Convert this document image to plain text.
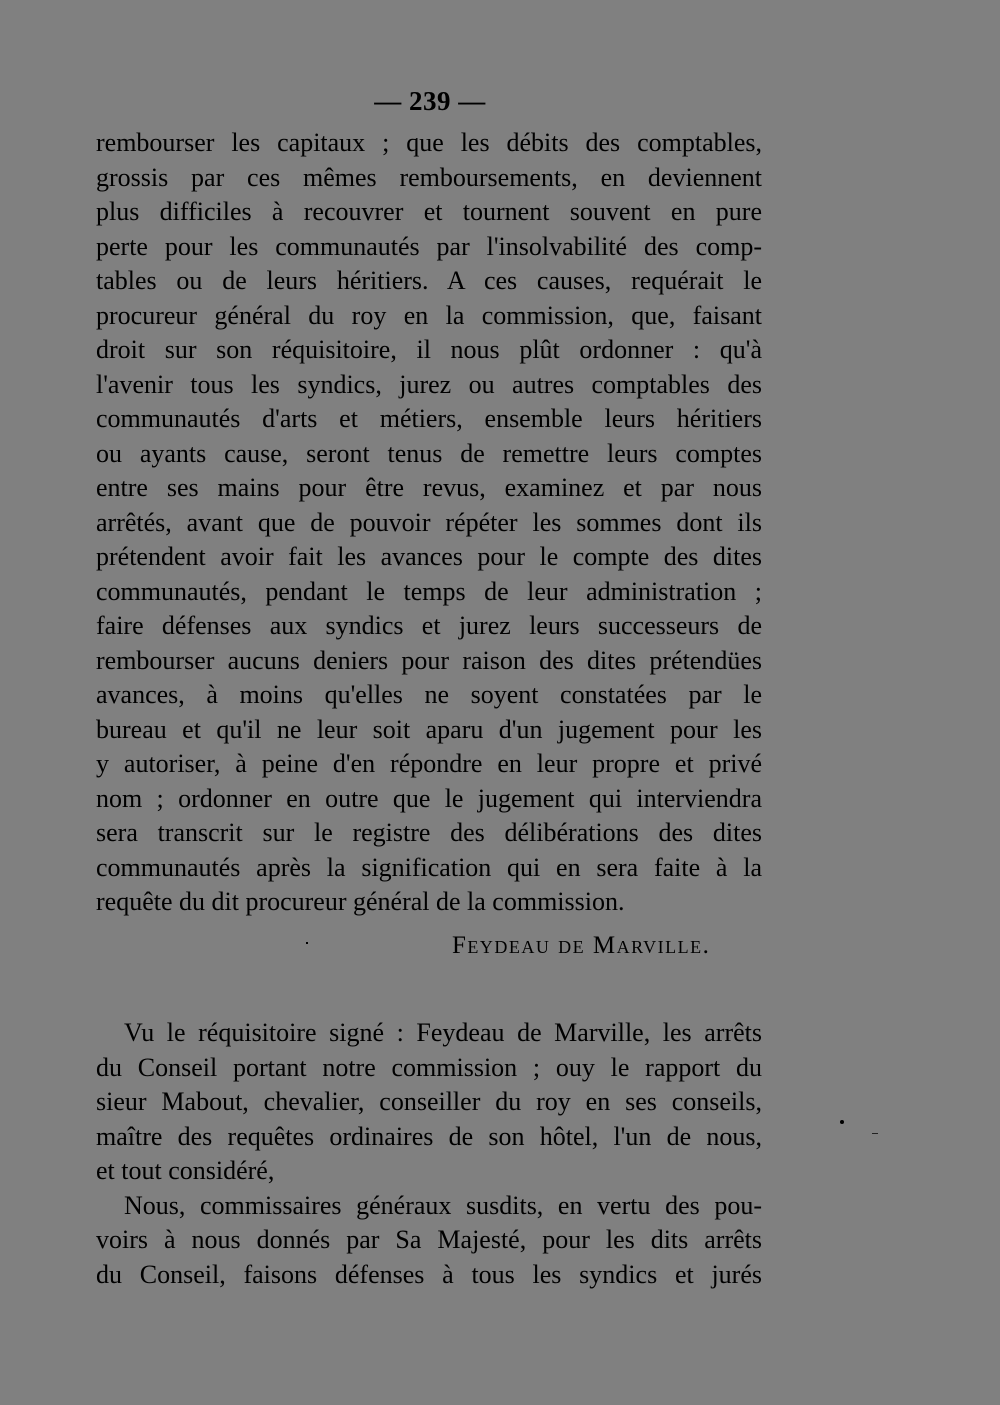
— 239 —
rembourser les capitaux ; que les débits des comptables,
grossis par ces mêmes remboursements, en deviennent
plus difficiles à recouvrer et tournent souvent en pure
perte pour les communautés par l'insolvabilité des comp-
tables ou de leurs héritiers. A ces causes, requérait le
procureur général du roy en la commission, que, faisant
droit sur son réquisitoire, il nous plût ordonner : qu'à
l'avenir tous les syndics, jurez ou autres comptables des
communautés d'arts et métiers, ensemble leurs héritiers
ou ayants cause, seront tenus de remettre leurs comptes
entre ses mains pour être revus, examinez et par nous
arrêtés, avant que de pouvoir répéter les sommes dont ils
prétendent avoir fait les avances pour le compte des dites
communautés, pendant le temps de leur administration ;
faire défenses aux syndics et jurez leurs successeurs de
rembourser aucuns deniers pour raison des dites prétendües
avances, à moins qu'elles ne soyent constatées par le
bureau et qu'il ne leur soit aparu d'un jugement pour les
y autoriser, à peine d'en répondre en leur propre et privé
nom ; ordonner en outre que le jugement qui interviendra
sera transcrit sur le registre des délibérations des dites
communautés après la signification qui en sera faite à la
requête du dit procureur général de la commission.
Feydeau de Marville.
Vu le réquisitoire signé : Feydeau de Marville, les arrêts
du Conseil portant notre commission ; ouy le rapport du
sieur Mabout, chevalier, conseiller du roy en ses conseils,
maître des requêtes ordinaires de son hôtel, l'un de nous,
et tout considéré,
Nous, commissaires généraux susdits, en vertu des pou-
voirs à nous donnés par Sa Majesté, pour les dits arrêts
du Conseil, faisons défenses à tous les syndics et jurés
